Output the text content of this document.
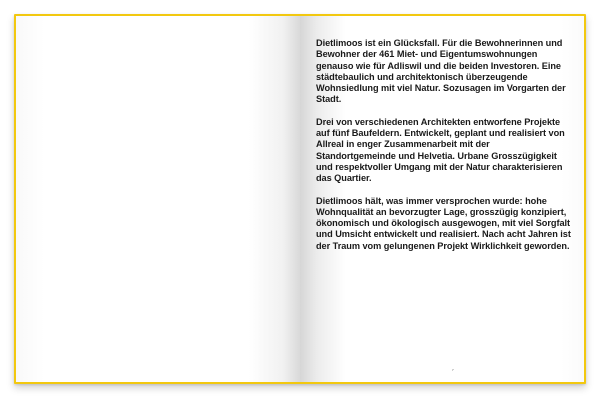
Dietlimoos ist ein Glücksfall. Für die Bewohnerinnen und Bewohner der 461 Miet- und Eigentumswohnungen genauso wie für Adliswil und die beiden Investoren. Eine städtebaulich und architektonisch überzeugende Wohnsiedlung mit viel Natur. Sozusagen im Vorgarten der Stadt.

Drei von verschiedenen Architekten entworfene Projekte auf fünf Baufeldern. Entwickelt, geplant und realisiert von Allreal in enger Zusammenarbeit mit der Standortgemeinde und Helvetia. Urbane Grosszügigkeit und respektvoller Umgang mit der Natur charakterisieren das Quartier.

Dietlimoos hält, was immer versprochen wurde: hohe Wohnqualität an bevorzugter Lage, grosszügig konzipiert, ökonomisch und ökologisch ausgewogen, mit viel Sorgfalt und Umsicht entwickelt und realisiert. Nach acht Jahren ist der Traum vom gelungenen Projekt Wirklichkeit geworden.

7
